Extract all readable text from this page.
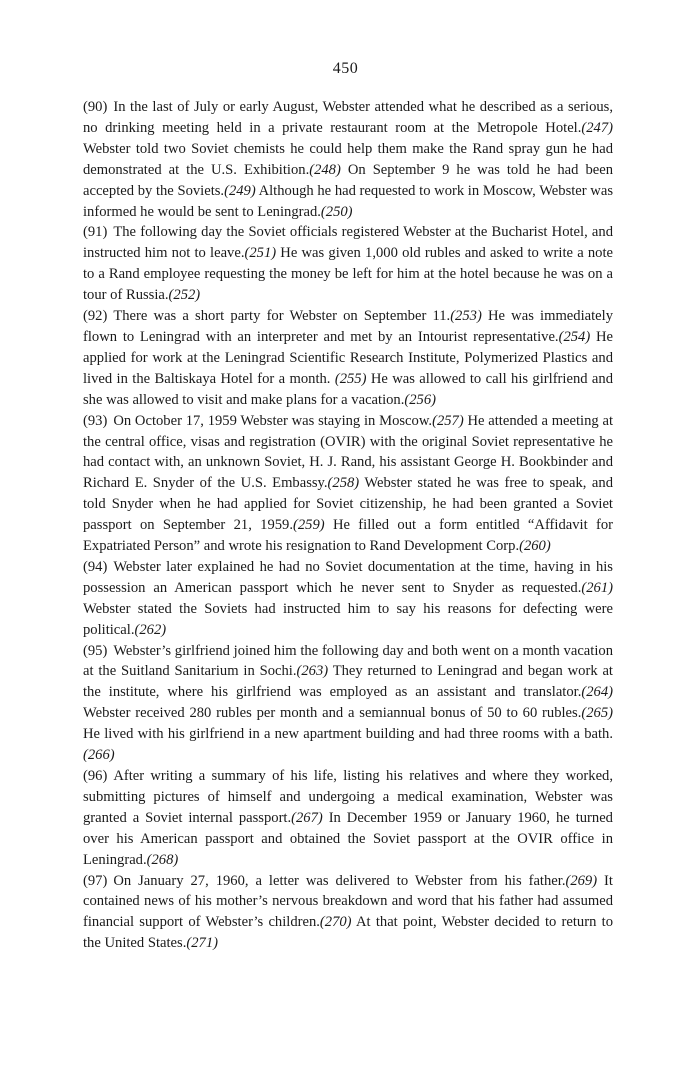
450

(90) In the last of July or early August, Webster attended what he described as a serious, no drinking meeting held in a private restaurant room at the Metropole Hotel.(247) Webster told two Soviet chemists he could help them make the Rand spray gun he had demonstrated at the U.S. Exhibition.(248) On September 9 he was told he had been accepted by the Soviets.(249) Although he had requested to work in Moscow, Webster was informed he would be sent to Leningrad.(250)

(91) The following day the Soviet officials registered Webster at the Bucharist Hotel, and instructed him not to leave.(251) He was given 1,000 old rubles and asked to write a note to a Rand employee requesting the money be left for him at the hotel because he was on a tour of Russia.(252)

(92) There was a short party for Webster on September 11.(253) He was immediately flown to Leningrad with an interpreter and met by an Intourist representative.(254) He applied for work at the Leningrad Scientific Research Institute, Polymerized Plastics and lived in the Baltiskaya Hotel for a month. (255) He was allowed to call his girlfriend and she was allowed to visit and make plans for a vacation.(256)

(93) On October 17, 1959 Webster was staying in Moscow.(257) He attended a meeting at the central office, visas and registration (OVIR) with the original Soviet representative he had contact with, an unknown Soviet, H. J. Rand, his assistant George H. Bookbinder and Richard E. Snyder of the U.S. Embassy.(258) Webster stated he was free to speak, and told Snyder when he had applied for Soviet citizenship, he had been granted a Soviet passport on September 21, 1959.(259) He filled out a form entitled “Affidavit for Expatriated Person” and wrote his resignation to Rand Development Corp.(260)

(94) Webster later explained he had no Soviet documentation at the time, having in his possession an American passport which he never sent to Snyder as requested.(261) Webster stated the Soviets had instructed him to say his reasons for defecting were political.(262)

(95) Webster’s girlfriend joined him the following day and both went on a month vacation at the Suitland Sanitarium in Sochi.(263) They returned to Leningrad and began work at the institute, where his girlfriend was employed as an assistant and translator.(264) Webster received 280 rubles per month and a semiannual bonus of 50 to 60 rubles.(265) He lived with his girlfriend in a new apartment building and had three rooms with a bath.(266)

(96) After writing a summary of his life, listing his relatives and where they worked, submitting pictures of himself and undergoing a medical examination, Webster was granted a Soviet internal passport.(267) In December 1959 or January 1960, he turned over his American passport and obtained the Soviet passport at the OVIR office in Leningrad.(268)

(97) On January 27, 1960, a letter was delivered to Webster from his father.(269) It contained news of his mother’s nervous breakdown and word that his father had assumed financial support of Webster’s children.(270) At that point, Webster decided to return to the United States.(271)
